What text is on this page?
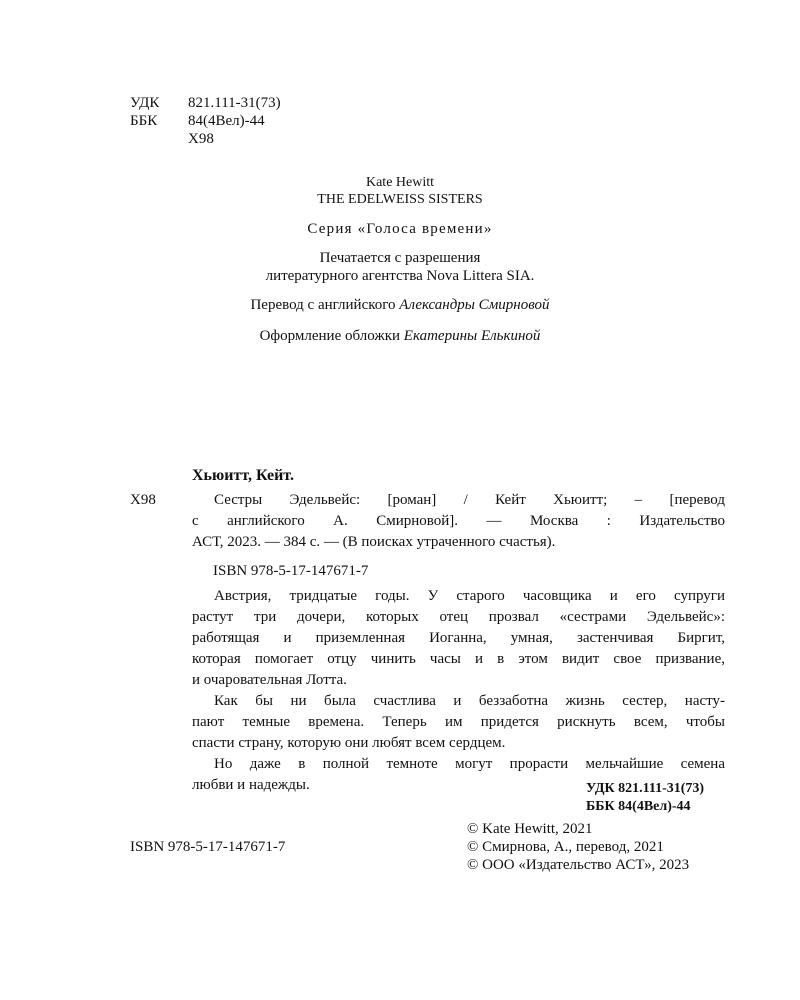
УДК 821.111-31(73)
ББК 84(4Вел)-44
Х98
Kate Hewitt
THE EDELWEISS SISTERS
Серия «Голоса времени»
Печатается с разрешения
литературного агентства Nova Littera SIA.
Перевод с английского Александры Смирновой
Оформление обложки Екатерины Елькиной
Хьюитт, Кейт.
Х98	Сестры Эдельвейс: [роман] / Кейт Хьюитт; – [перевод
с английского А. Смирновой]. — Москва : Издательство
АСТ, 2023. — 384 с. — (В поисках утраченного счастья).
ISBN 978-5-17-147671-7
Австрия, тридцатые годы. У старого часовщика и его супруги
растут три дочери, которых отец прозвал «сестрами Эдельвейс»:
работящая и приземленная Иоганна, умная, застенчивая Биргит,
которая помогает отцу чинить часы и в этом видит свое призвание,
и очаровательная Лотта.
Как бы ни была счастлива и беззаботна жизнь сестер, насту-
пают темные времена. Теперь им придется рискнуть всем, чтобы
спасти страну, которую они любят всем сердцем.
Но даже в полной темноте могут прорасти мельчайшие семена
любви и надежды.	УДК 821.111-31(73)
ББК 84(4Вел)-44
ISBN 978-5-17-147671-7
© Kate Hewitt, 2021
© Смирнова, А., перевод, 2021
© ООО «Издательство АСТ», 2023
